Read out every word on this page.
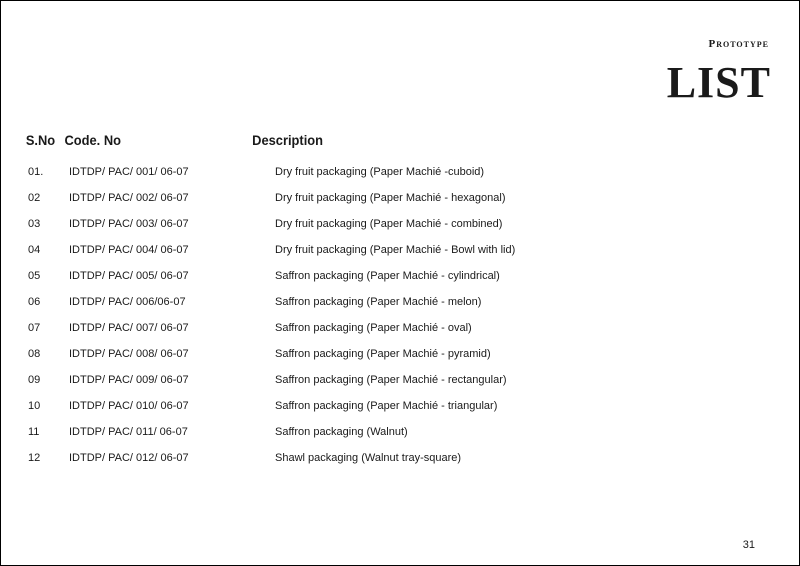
Prototype
LIST
S.No Code. No	Description
01. IDTDP/ PAC/ 001/ 06-07	Dry fruit packaging (Paper Machié -cuboid)
02	IDTDP/ PAC/ 002/ 06-07	Dry fruit packaging (Paper Machié - hexagonal)
03	IDTDP/ PAC/ 003/ 06-07	Dry fruit packaging (Paper Machié - combined)
04	IDTDP/ PAC/ 004/ 06-07	Dry fruit packaging (Paper Machié - Bowl with lid)
05	IDTDP/ PAC/ 005/ 06-07	Saffron packaging (Paper Machié - cylindrical)
06	IDTDP/ PAC/ 006/06-07	Saffron packaging (Paper Machié - melon)
07	IDTDP/ PAC/ 007/ 06-07	Saffron packaging (Paper Machié - oval)
08	IDTDP/ PAC/ 008/ 06-07	Saffron packaging (Paper Machié - pyramid)
09	IDTDP/ PAC/ 009/ 06-07	Saffron packaging (Paper Machié - rectangular)
10	IDTDP/ PAC/ 010/ 06-07	Saffron packaging (Paper Machié - triangular)
11	IDTDP/ PAC/ 011/ 06-07	Saffron packaging (Walnut)
12	IDTDP/ PAC/ 012/ 06-07	Shawl packaging (Walnut tray-square)
31
